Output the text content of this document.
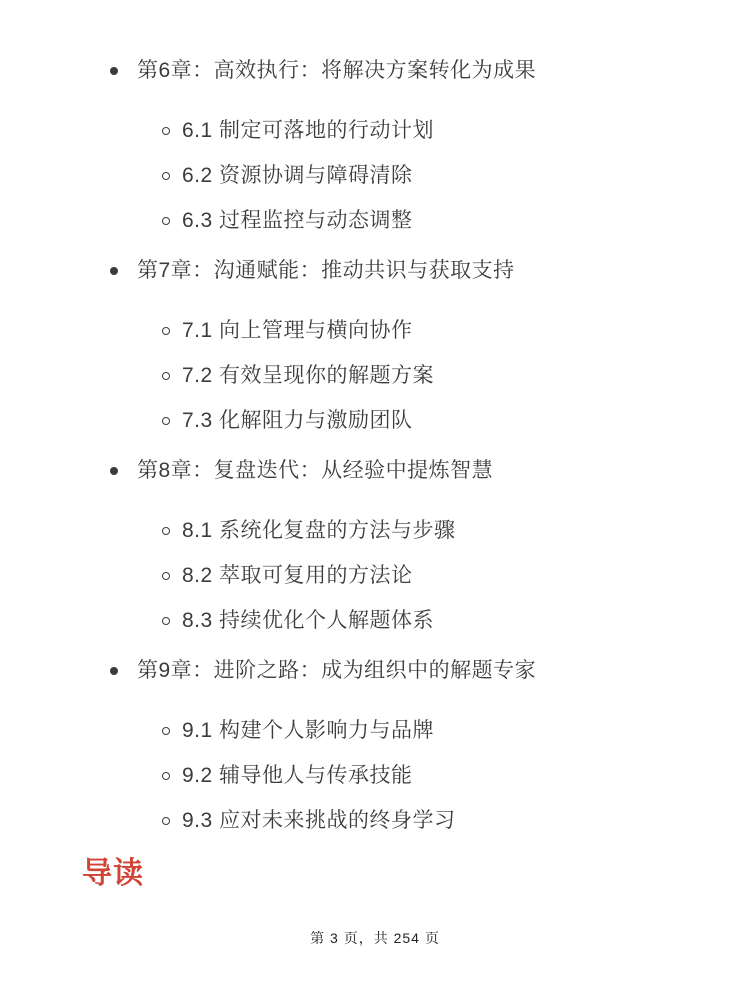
第6章：高效执行：将解决方案转化为成果
6.1 制定可落地的行动计划
6.2 资源协调与障碍清除
6.3 过程监控与动态调整
第7章：沟通赋能：推动共识与获取支持
7.1 向上管理与横向协作
7.2 有效呈现你的解题方案
7.3 化解阻力与激励团队
第8章：复盘迭代：从经验中提炼智慧
8.1 系统化复盘的方法与步骤
8.2 萃取可复用的方法论
8.3 持续优化个人解题体系
第9章：进阶之路：成为组织中的解题专家
9.1 构建个人影响力与品牌
9.2 辅导他人与传承技能
9.3 应对未来挑战的终身学习
导读
第 3 页，共 254 页
